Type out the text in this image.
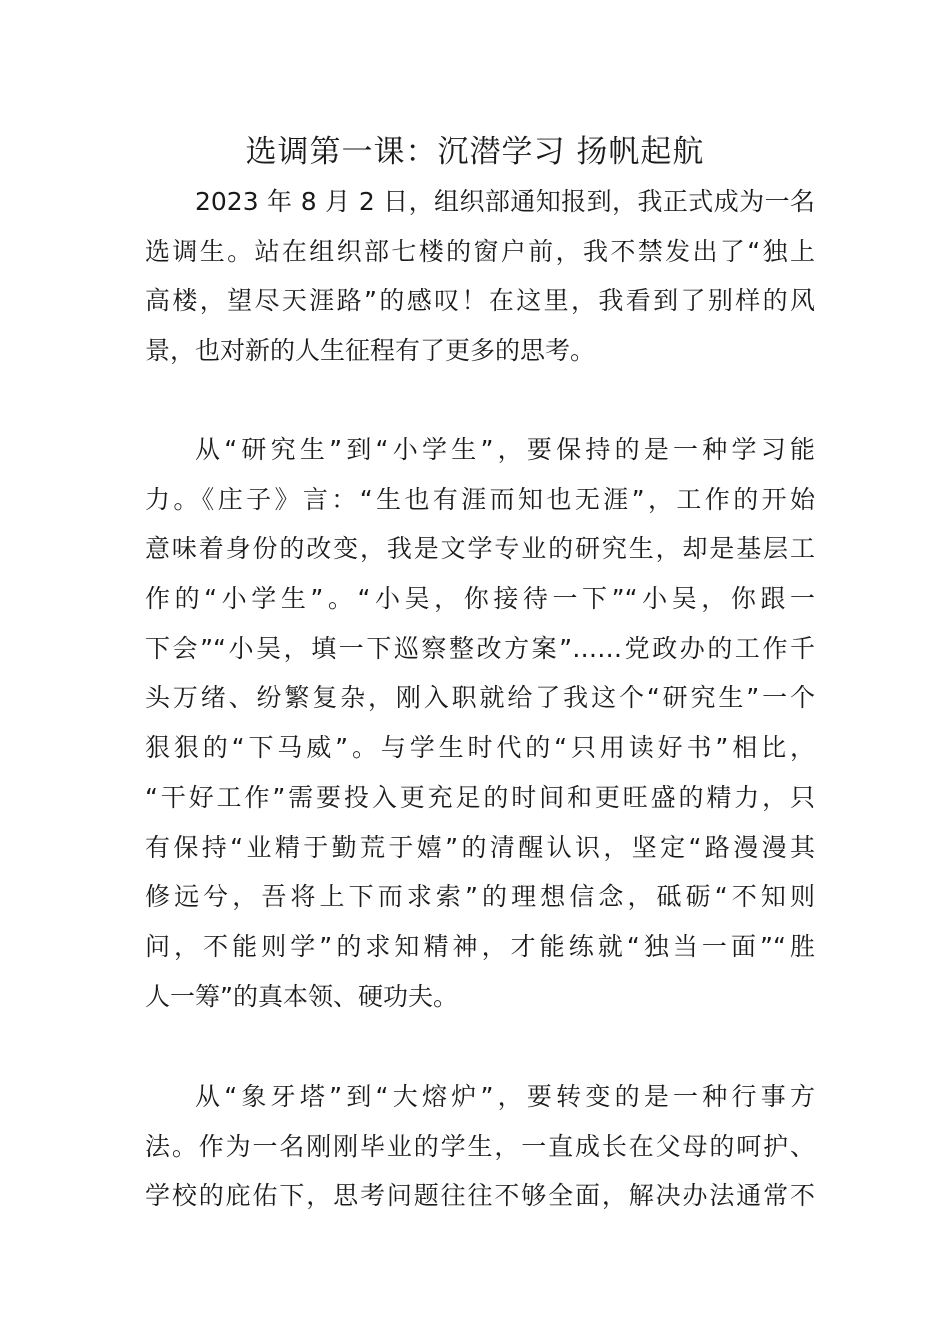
选调第一课：沉潜学习 扬帆起航
2023 年 8 月 2 日，组织部通知报到，我正式成为一名
选调生。站在组织部七楼的窗户前，我不禁发出了“独上
高楼，望尽天涯路”的感叹！在这里，我看到了别样的风
景，也对新的人生征程有了更多的思考。
从“研究生”到“小学生”，要保持的是一种学习能
力。《庄子》言：“生也有涯而知也无涯”，工作的开始
意味着身份的改变，我是文学专业的研究生，却是基层工
作的“小学生”。“小吴，你接待一下”“小吴，你跟一
下会”“小吴，填一下巡察整改方案”……党政办的工作千
头万绪、纷繁复杂，刚入职就给了我这个“研究生”一个
狠狠的“下马威”。与学生时代的“只用读好书”相比，
“干好工作”需要投入更充足的时间和更旺盛的精力，只
有保持“业精于勤荒于嬉”的清醒认识，坚定“路漫漫其
修远兮，吾将上下而求索”的理想信念，砥砺“不知则
问，不能则学”的求知精神，才能练就“独当一面”“胜
人一筹”的真本领、硬功夫。
从“象牙塔”到“大熔炉”，要转变的是一种行事方
法。作为一名刚刚毕业的学生，一直成长在父母的呵护、
学校的庇佑下，思考问题往往不够全面，解决办法通常不
